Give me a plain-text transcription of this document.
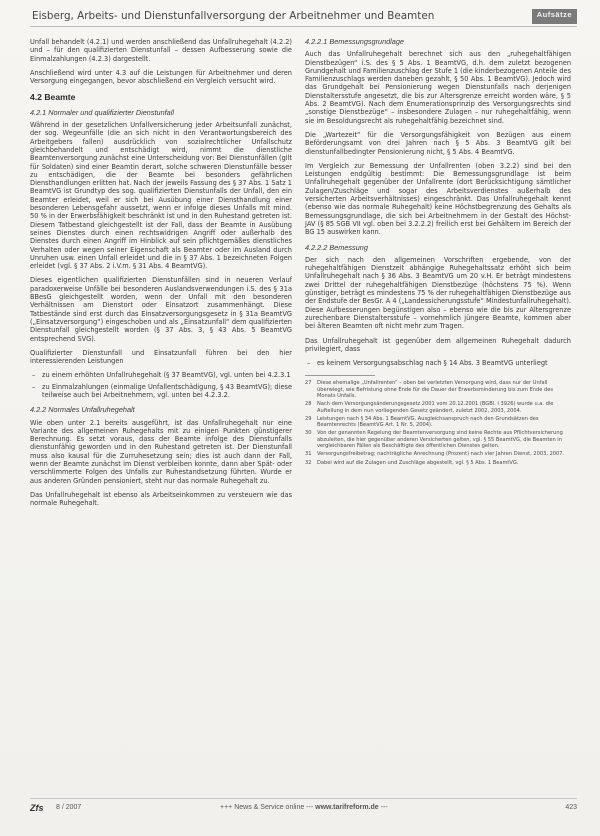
Eisberg, Arbeits- und Dienstunfallversorgung der Arbeitnehmer und Beamten	Aufsätze

Unfall behandelt (4.2.1) und werden anschließend das Unfallruhegehalt (4.2.2) und – für den qualifizierten Dienstunfall – dessen Aufbesserung sowie die Einmalzahlungen (4.2.3) dargestellt.

Anschließend wird unter 4.3 auf die Leistungen für Arbeitnehmer und deren Versorgung eingegangen, bevor abschließend ein Vergleich versucht wird.

4.2 Beamte
4.2.1 Normaler und qualifizierter Dienstunfall

Während in der gesetzlichen Unfallversicherung jeder Arbeitsunfall zunächst, der sog. Wegeunfälle (die an sich nicht in den Verantwortungsbereich des Arbeitgebers fallen) ausdrücklich von sozialrechtlicher Unfallschutz gleichbehandelt und entschädigt wird, nimmt die dienstliche Beamtenversorgung zunächst eine Unterscheidung vor: Bei Dienstunfällen (gilt für Soldaten) sind einer Beamtin derart, solche schweren Dienstunfälle besser zu entschädigen, die der Beamte bei besonders gefährlichen Diensthandlungen erlitten hat. Nach der jeweils Fassung des § 37 Abs. 1 Satz 1 BeamtVG ist Grundtyp des sog. qualifizierten Dienstunfalls der Unfall, den ein Beamter erleidet, weil er sich bei Ausübung einer Diensthandlung einer besonderen Lebensgefahr aussetzt, wenn er infolge dieses Unfalls mit mind. 50 % in der Erwerbsfähigkeit beschränkt ist und in den Ruhestand getreten ist. Diesem Tatbestand gleichgestellt ist der Fall, dass der Beamte in Ausübung seines Dienstes durch einen rechtswidrigen Angriff oder außerhalb des Dienstes durch einen Angriff im Hinblick auf sein pflichtgemäßes dienstliches Verhalten oder wegen seiner Eigenschaft als Beamter oder im Ausland durch Unruhen usw. einen Unfall erleidet und die in § 37 Abs. 1 bezeichneten Folgen erleidet (vgl. § 37 Abs. 2 i.V.m. § 31 Abs. 4 BeamtVG).

Dieses eigentlichen qualifizierten Dienstunfällen sind in neueren Verlauf paradoxerweise Unfälle bei besonderen Auslandsverwendungen i.S. des § 31a BBesG gleichgestellt worden, wenn der Unfall mit den besonderen Verhältnissen am Dienstort oder Einsatzort zusammenhängt. Diese Tatbestände sind erst durch das Einsatzversorgungsgesetz in § 31a BeamtVG („Einsatzversorgung“) eingeschoben und als „Einsatzunfall“ dem qualifizierten Dienstunfall gleichgestellt worden (§ 37 Abs. 3, § 43 Abs. 5 BeamtVG entsprechend SVG).

Qualifizierter Dienstunfall und Einsatzunfall führen bei den hier interessierenden Leistungen

– zu einem erhöhten Unfallruhegehalt (§ 37 BeamtVG), vgl. unten bei 4.2.3.1
– zu Einmalzahlungen (einmalige Unfallentschädigung, § 43 BeamtVG); diese teilweise auch bei Arbeitnehmern, vgl. unten bei 4.2.3.2.
4.2.2 Normales Unfallruhegehalt

Wie oben unter 2.1 bereits ausgeführt, ist das Unfallruhegehalt nur eine Variante des allgemeinen Ruhegehalts mit zu einigen Punkten günstigerer Berechnung. Es setzt voraus, dass der Beamte infolge des Dienstunfalls dienstunfähig geworden und in den Ruhestand getreten ist. Der Dienstunfall muss also kausal für die Zurruhesetzung sein; dies ist auch dann der Fall, wenn der Beamte zunächst im Dienst verbleiben konnte, dann aber Spät- oder verschlimmerte Folgen des Unfalls zur Ruhestandsetzung führten. Wurde er aus anderen Gründen pensioniert, steht nur das normale Ruhegehalt zu.

Das Unfallruhegehalt ist ebenso als Arbeitseinkommen zu versteuern wie das normale Ruhegehalt.

4.2.2.1 Bemessungsgrundlage

Auch das Unfallruhegehalt berechnet sich aus den „ruhegehaltfähigen Dienstbezügen“ i.S. des § 5 Abs. 1 BeamtVG, d.h. dem zuletzt bezogenen Grundgehalt und Familienzuschlag der Stufe 1 (die kinderbezogenen Anteile des Familienzuschlags werden daneben gezahlt, § 50 Abs. 1 BeamtVG). Jedoch wird das Grundgehalt bei Pensionierung wegen Dienstunfalls nach derjenigen Dienstaltersstufe angesetzt, die bis zur Altersgrenze erreicht worden wäre, § 5 Abs. 2 BeamtVG). Nach dem Enumerationsprinzip des Versorgungsrechts sind „sonstige Dienstbezüge“ – insbesondere Zulagen – nur ruhegehaltfähig, wenn sie im Besoldungsrecht als ruhegehaltfähig bezeichnet sind.

Die „Wartezeit“ für die Versorgungsfähigkeit von Bezügen aus einem Beförderungsamt von drei Jahren nach § 5 Abs. 3 BeamtVG gilt bei dienstunfallbedingter Pensionierung nicht, § 5 Abs. 4 BeamtVG.

Im Vergleich zur Bemessung der Unfallrenten (oben 3.2.2) sind bei den Leistungen endgültig bestimmt: Die Bemessungsgrundlage ist beim Unfallruhegehalt gegenüber der Unfallrente (dort Berücksichtigung sämtlicher Zulagen/Zuschläge und sogar des Arbeitsverdienstes außerhalb des versicherten Arbeitsverhältnisses) eingeschränkt. Das Unfallruhegehalt kennt (ebenso wie das normale Ruhegehalt) keine Höchstbegrenzung des Gehalts als Bemessungsgrundlage, die sich bei Arbeitnehmern in der Gestalt des Höchst-JAV (§ 85 SGB VII vgl. oben bei 3.2.2.2) freilich erst bei Gehältern im Bereich der BG 15 auswirken kann.

4.2.2.2 Bemessung

Der sich nach den allgemeinen Vorschriften ergebende, von der ruhegehaltfähigen Dienstzeit abhängige Ruhegehaltssatz erhöht sich beim Unfallruhegehalt nach § 36 Abs. 3 BeamtVG um 20 v.H. Er beträgt mindestens zwei Drittel der ruhegehaltfähigen Dienstbezüge (höchstens 75 %). Wenn günstiger, beträgt es mindestens 75 % der ruhegehaltfähigen Dienstbezüge aus der Endstufe der BesGr. A 4 („Landessicherungsstufe“ Mindestunfallruhegehalt). Diese Aufbesserungen begünstigen also – ebenso wie die bis zur Altersgrenze zurechenbare Dienstaltersstufe – vornehmlich jüngere Beamte, kommen aber bei älteren Beamten oft nicht mehr zum Tragen.

Das Unfallruhegehalt ist gegenüber dem allgemeinen Ruhegehalt dadurch privilegiert, dass

– es keinem Versorgungsabschlag nach § 14 Abs. 3 BeamtVG unterliegt
27 Diese ehemalige „Unfallrenten“ – oben bei verletzten Versorgung wird, dass nur der Unfall überwiegt, wie Befristung ohne Ende für die Dauer der Erwerbsminderung bis zum Ende des Monats Unfalls.
28 Nach dem Versorgungsänderungsgesetz 2001 vom 20.12.2001 (BGBl. I 3926) wurde u.a. die Aufteilung in dem nun vorliegenden Gesetz geändert, zuletzt 2002, 2003, 2004.
29 Leistungen nach § 34 Abs. 1 BeamtVG, Ausgleichsanspruch nach den Grundsätzen des Beamtenrechts (BeamtVG Art. 1 Nr. 5, 2004).
30 Von der genannten Regelung der Beamtenversorgung sind keine Rechte aus Pflichtversicherung abzuleiten, die hier gegenüber anderen Versicherten gelten, vgl. § 55 BeamtVG, die Beamten in vergleichbaren Fällen als Beschäftigte des öffentlichen Dienstes gelten.
31 Versorgungsfreibetrag; nachträgliche Anrechnung (Prozent) nach vier Jahren Dienst, 2003, 2007.
32 Dabei wird auf die Zulagen und Zuschläge abgestellt, vgl. § 5 Abs. 1 BeamtVG.
Zfs 8 / 2007	+++ News & Service online --- www.tarifreform.de ---	423
